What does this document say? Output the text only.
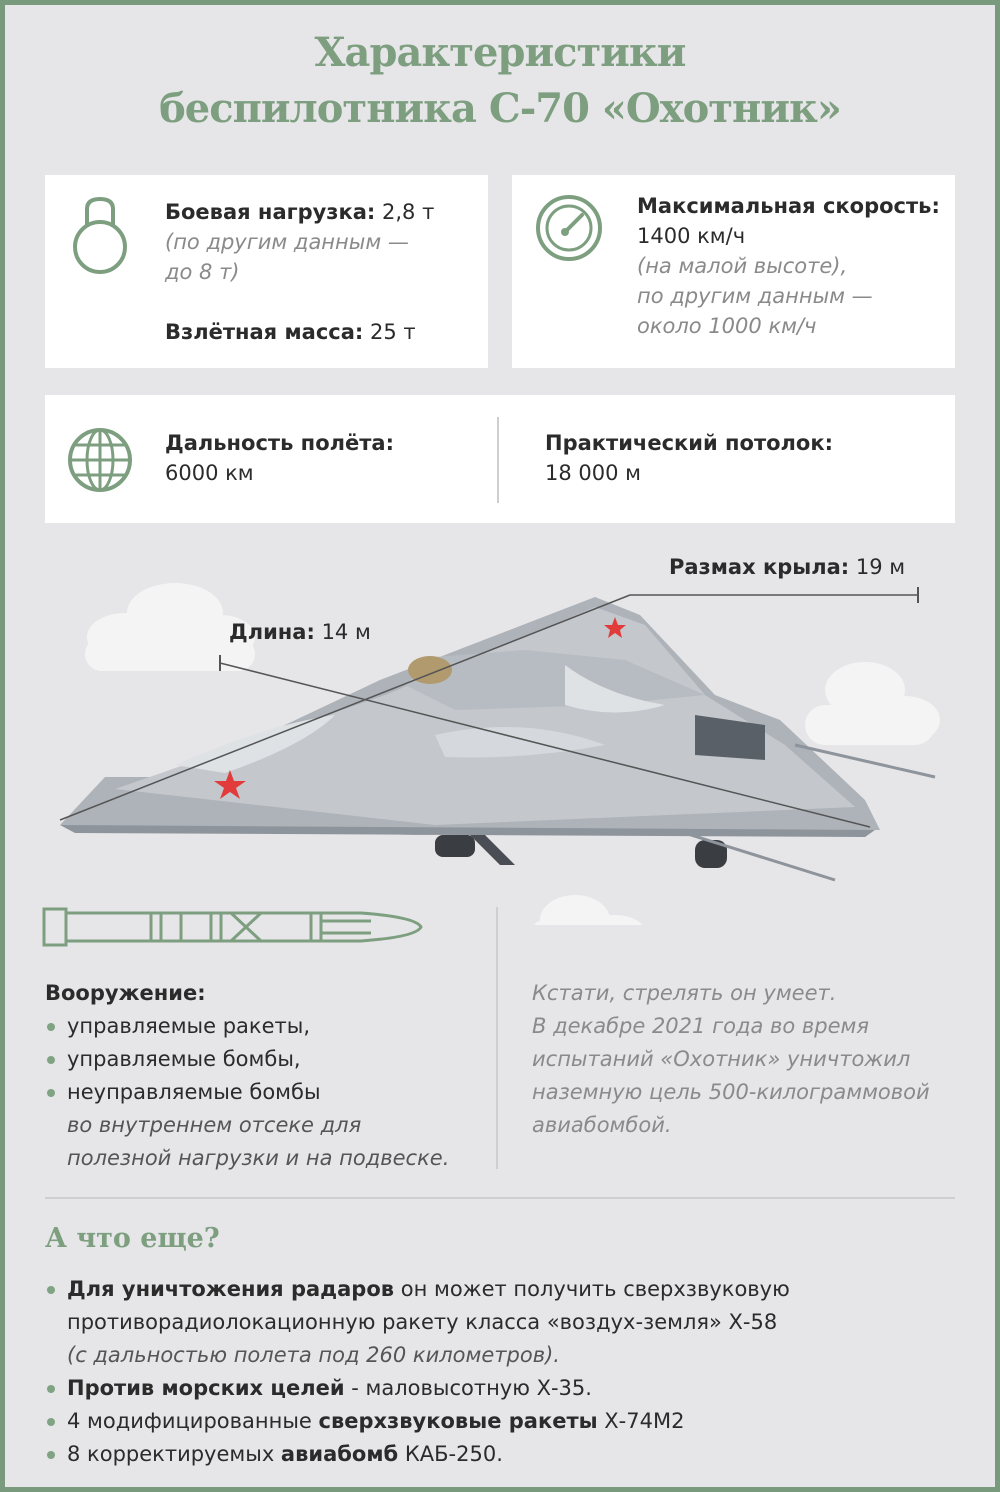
Характеристики
беспилотника С-70 «Охотник»
Боевая нагрузка: 2,8 т
(по другим данным —
до 8 т)
Взлётная масса: 25 т
Максимальная скорость:
1400 км/ч
(на малой высоте),
по другим данным —
около 1000 км/ч
Дальность полёта:
6000 км
Практический потолок:
18 000 м
Размах крыла: 19 м
Длина: 14 м
Вооружение:
управляемые ракеты,
управляемые бомбы,
неуправляемые бомбы
во внутреннем отсеке для
полезной нагрузки и на подвеске.
Кстати, стрелять он умеет.
В декабре 2021 года во время
испытаний «Охотник» уничтожил
наземную цель 500-килограммовой
авиабомбой.
А что еще?
Для уничтожения радаров он может получить сверхзвуковую
противорадиолокационную ракету класса «воздух-земля» Х-58
(с дальностью полета под 260 километров).
Против морских целей - маловысотную Х-35.
4 модифицированные сверхзвуковые ракеты Х-74М2
8 корректируемых авиабомб КАБ-250.
